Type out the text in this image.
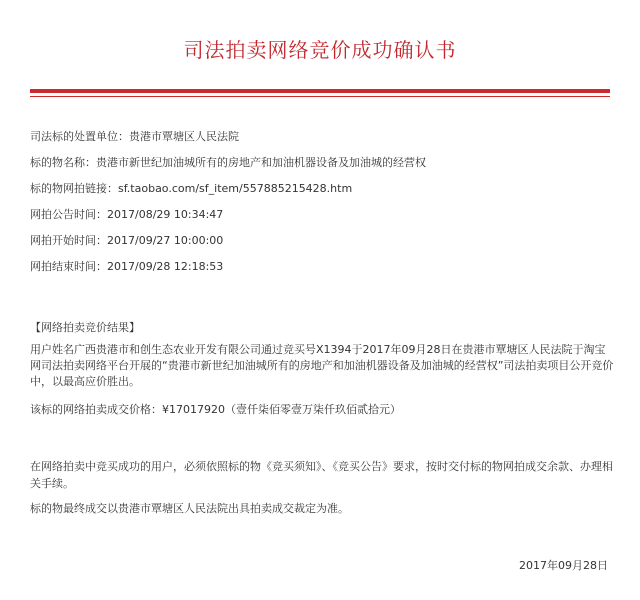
司法拍卖网络竞价成功确认书
司法标的处置单位：贵港市覃塘区人民法院
标的物名称：贵港市新世纪加油城所有的房地产和加油机器设备及加油城的经营权
标的物网拍链接：sf.taobao.com/sf_item/557885215428.htm
网拍公告时间：2017/08/29 10:34:47
网拍开始时间：2017/09/27 10:00:00
网拍结束时间：2017/09/28 12:18:53
【网络拍卖竞价结果】
用户姓名广西贵港市和创生态农业开发有限公司通过竞买号X1394于2017年09月28日在贵港市覃塘区人民法院于淘宝网司法拍卖网络平台开展的“贵港市新世纪加油城所有的房地产和加油机器设备及加油城的经营权”司法拍卖项目公开竞价中，以最高应价胜出。
该标的网络拍卖成交价格：¥17017920（壹仟柒佰零壹万柒仟玖佰贰拾元）
在网络拍卖中竞买成功的用户，必须依照标的物《竞买须知》、《竞买公告》要求，按时交付标的物网拍成交余款、办理相关手续。
标的物最终成交以贵港市覃塘区人民法院出具拍卖成交裁定为准。
2017年09月28日
